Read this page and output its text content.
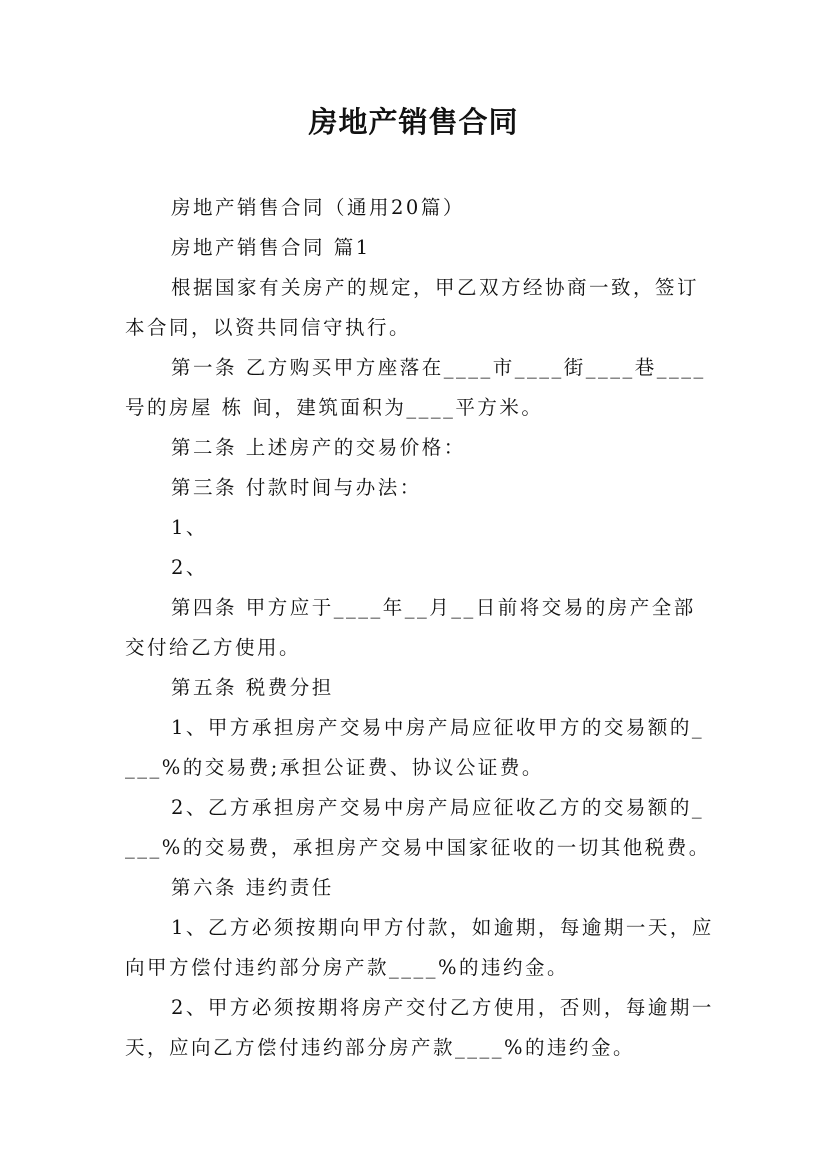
房地产销售合同

房地产销售合同（通用20篇）

房地产销售合同 篇1

根据国家有关房产的规定，甲乙双方经协商一致，签订本合同，以资共同信守执行。

第一条 乙方购买甲方座落在____市____街____巷____号的房屋 栋 间，建筑面积为____平方米。

第二条 上述房产的交易价格：

第三条 付款时间与办法：

1、

2、

第四条 甲方应于____年__月__日前将交易的房产全部交付给乙方使用。

第五条 税费分担

1、甲方承担房产交易中房产局应征收甲方的交易额的____%的交易费;承担公证费、协议公证费。

2、乙方承担房产交易中房产局应征收乙方的交易额的____%的交易费，承担房产交易中国家征收的一切其他税费。

第六条 违约责任

1、乙方必须按期向甲方付款，如逾期，每逾期一天，应向甲方偿付违约部分房产款____%的违约金。

2、甲方必须按期将房产交付乙方使用，否则，每逾期一天，应向乙方偿付违约部分房产款____%的违约金。
